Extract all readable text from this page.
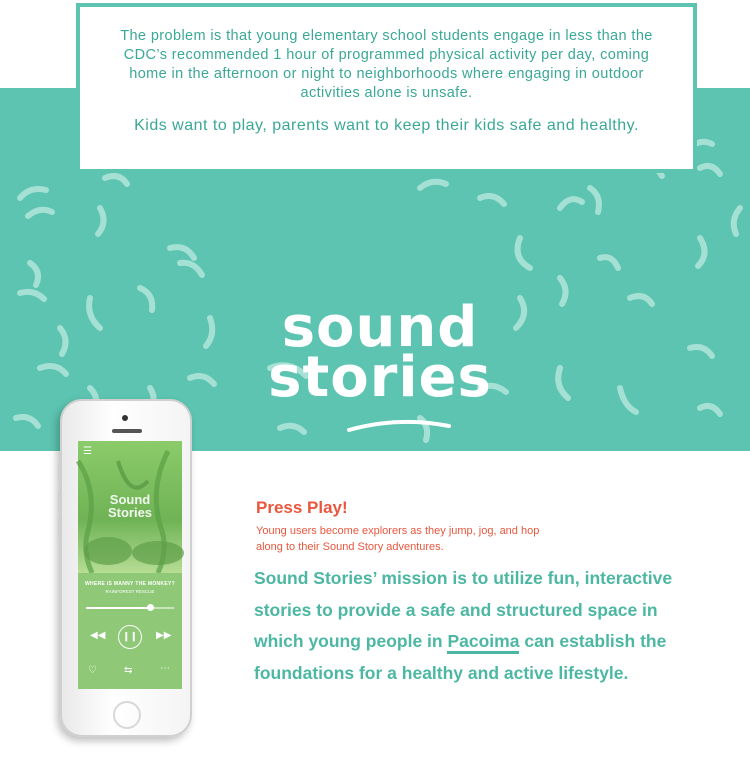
sound
stories
PRESS PLAY

The problem is that young elementary school students engage in less than the CDC’s recommended 1 hour of programmed physical activity per day, coming home in the afternoon or night to neighborhoods where engaging in outdoor activities alone is unsafe.

Kids want to play, parents want to keep their kids safe and healthy.

☰
Sound
Stories
WHERE IS MANNY THE MONKEY?
RAINFOREST RESCUE
◀◀	❙❙	▶▶
♡	⇆	⋯
Press Play!

Young users become explorers as they jump, jog, and hop along to their Sound Story adventures.

Sound Stories’ mission is to utilize fun, interactive stories to provide a safe and structured space in which young people in Pacoima can establish the foundations for a healthy and active lifestyle.
